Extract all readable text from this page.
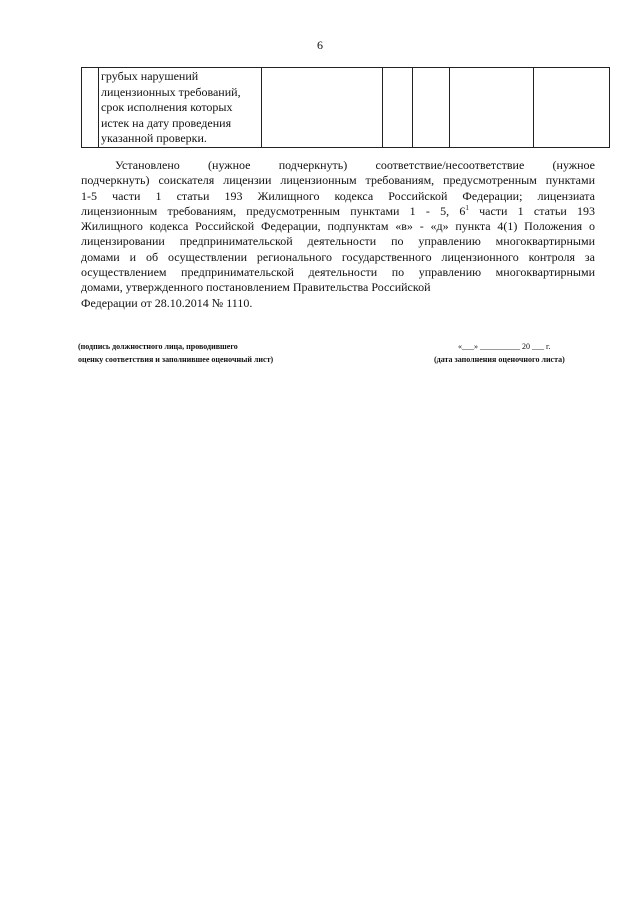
6

грубых нарушений
лицензионных требований,
срок исполнения которых
истек на дату проведения
указанной проверки.

Установлено (нужное подчеркнуть) соответствие/несоответствие (нужное
подчеркнуть) соискателя лицензии лицензионным требованиям, предусмотренным пунктами
1-5 части 1 статьи 193 Жилищного кодекса Российской Федерации; лицензиата
лицензионным требованиям, предусмотренным пунктами 1 - 5, $6^1$ части 1 статьи 193
Жилищного кодекса Российской Федерации, подпунктам «в» - «д» пункта 4(1) Положения о
лицензировании предпринимательской деятельности по управлению многоквартирными
домами и об осуществлении регионального государственного лицензионного контроля за
осуществлением предпринимательской деятельности по управлению многоквартирными
домами, утвержденного постановлением Правительства Российской
Федерации от 28.10.2014 № 1110.
(подпись должностного лица, проводившего
оценку соответствия и заполнившее оценочный лист)
«___» __________ 20 ___ г.
(дата заполнения оценочного листа)
